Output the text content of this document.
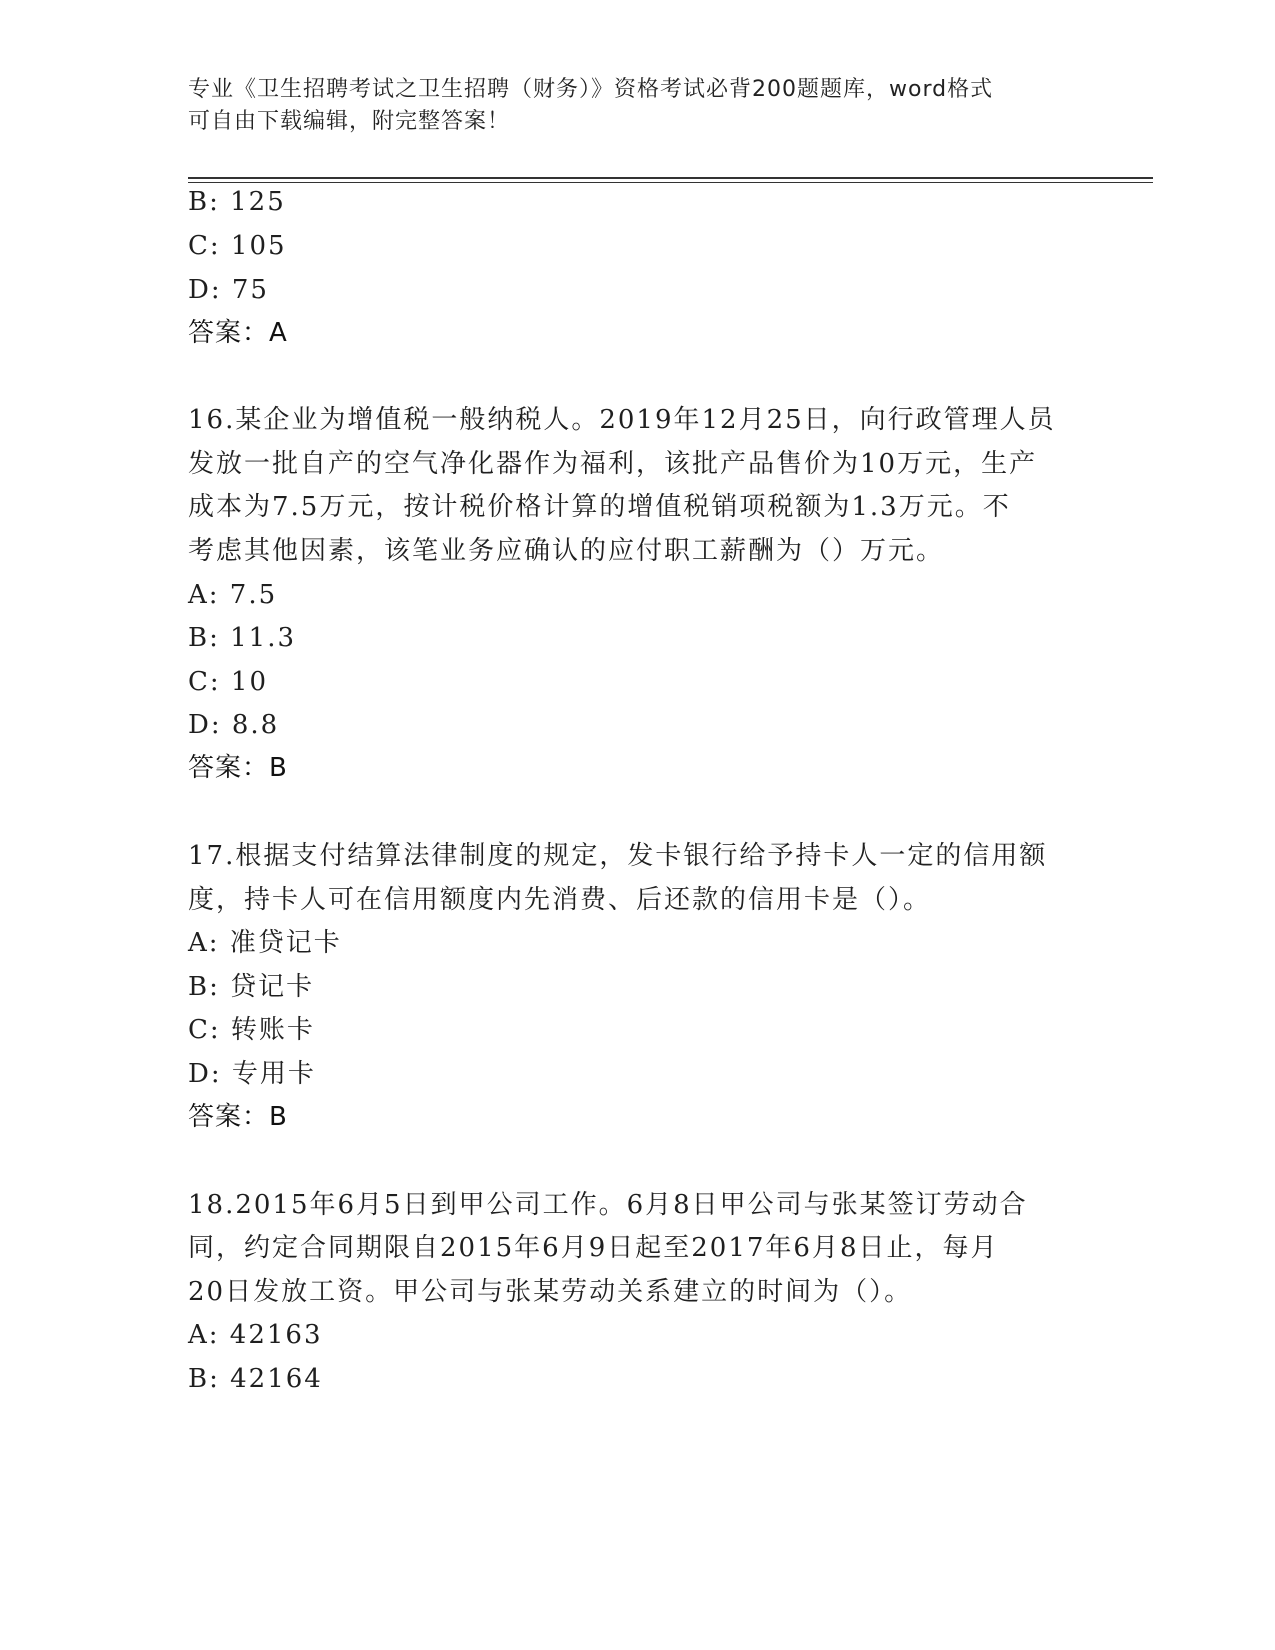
专业《卫生招聘考试之卫生招聘（财务）》资格考试必背200题题库，word格式
可自由下载编辑，附完整答案！
B: 125
C: 105
D: 75
答案：A
16.某企业为增值税一般纳税人。2019年12月25日，向行政管理人员
发放一批自产的空气净化器作为福利，该批产品售价为10万元，生产
成本为7.5万元，按计税价格计算的增值税销项税额为1.3万元。不
考虑其他因素，该笔业务应确认的应付职工薪酬为（）万元。
A: 7.5
B: 11.3
C: 10
D: 8.8
答案：B
17.根据支付结算法律制度的规定，发卡银行给予持卡人一定的信用额
度，持卡人可在信用额度内先消费、后还款的信用卡是（）。
A: 准贷记卡
B: 贷记卡
C: 转账卡
D: 专用卡
答案：B
18.2015年6月5日到甲公司工作。6月8日甲公司与张某签订劳动合
同，约定合同期限自2015年6月9日起至2017年6月8日止，每月
20日发放工资。甲公司与张某劳动关系建立的时间为（）。
A: 42163
B: 42164
